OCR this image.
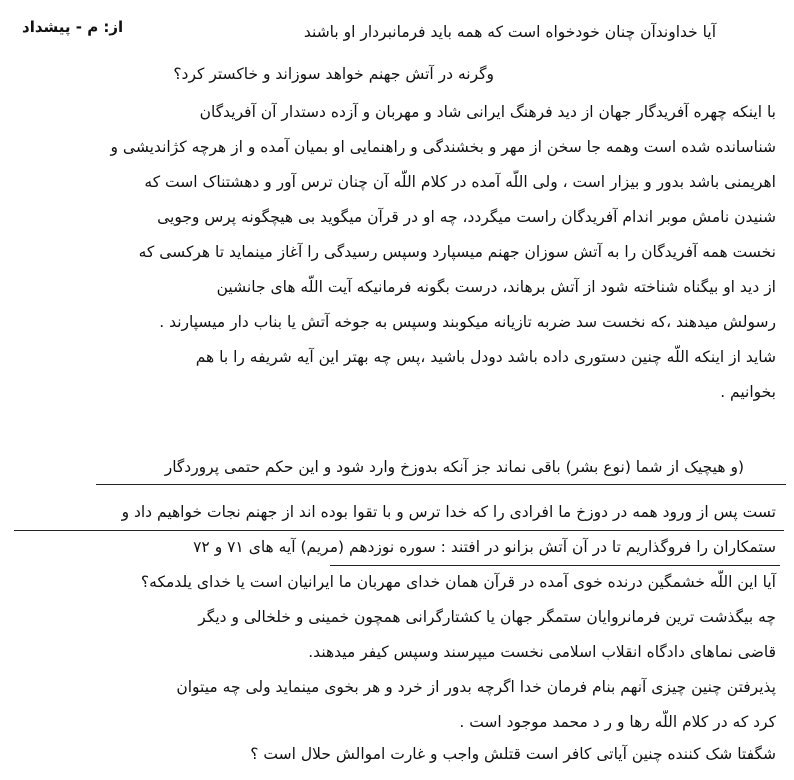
از: م - پیشداد	آیا خداوندآن چنان خودخواه است که همه باید فرمانبردار او باشند
وگرنه در آتش جهنم خواهد سوزاند و خاکستر کرد؟
با اینکه چهره آفریدگار جهان از دید فرهنگ ایرانی شاد و مهربان و آزده دستدار آن آفریدگان
شناسانده شده است وهمه جا سخن از مهر و بخشندگی و راهنمایی او بمیان آمده و از هرچه کژاندیشی و
اهریمنی باشد بدور و بیزار است ، ولی اللّه آمده در کلام اللّه آن چنان ترس آور و دهشتناک است که
شنیدن نامش موبر اندام آفریدگان راست میگردد، چه او در قرآن میگوید بی هیچگونه پرس وجویی
نخست همه آفریدگان را به آتش سوزان جهنم میسپارد وسپس رسیدگی را آغاز مینماید تا هرکسی که
از دید او بیگناه شناخته شود از آتش برهاند، درست بگونه فرمانیکه آیت اللّه های جانشین
رسولش میدهند ،که نخست سد ضربه تازیانه میکوبند وسپس به جوخه آتش یا بناب دار میسپارند .
شاید از اینکه اللّه چنین دستوری داده باشد دودل باشید ،پس چه بهتر این آیه شریفه را با هم
بخوانیم .
(و هیچیک از شما (نوع بشر) باقی نماند جز آنکه بدوزخ وارد شود و این حکم حتمی پروردگار
تست پس از ورود همه در دوزخ ما افرادی را که خدا ترس و با تقوا بوده اند از جهنم نجات خواهیم داد و
ستمکاران را فروگذاریم تا در آن آتش بزانو در افتند : سوره نوزدهم (مریم) آیه های ۷۱ و ۷۲
آیا این اللّه خشمگین درنده خوی آمده در قرآن همان خدای مهربان ما ایرانیان است یا خدای یلدمکه؟
چه بیگذشت ترین فرمانروایان ستمگر جهان یا کشتارگرانی همچون خمینی و خلخالی و دیگر
قاضی نماهای دادگاه انقلاب اسلامی نخست میپرسند وسپس کیفر میدهند.
پذیرفتن چنین چیزی آنهم بنام فرمان خدا اگرچه بدور از خرد و هر بخوی مینماید ولی چه میتوان
کرد که در کلام اللّه رها و ر د محمد موجود است .
شگفتا شک کننده چنین آیاتی کافر است قتلش واجب و غارت اموالش حلال است ؟
